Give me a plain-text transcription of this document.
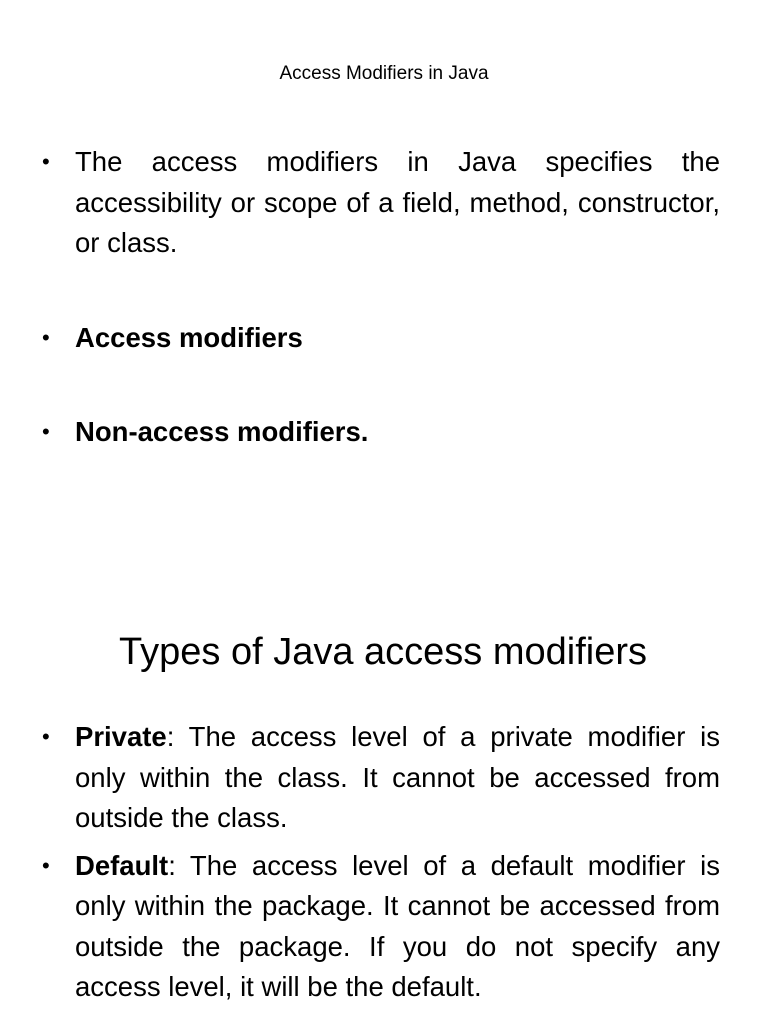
Access Modifiers in Java
• The access modifiers in Java specifies the accessibility or scope of a field, method, constructor, or class.
• Access modifiers
• Non-access modifiers.
Types of Java access modifiers
• Private: The access level of a private modifier is only within the class. It cannot be accessed from outside the class.
• Default: The access level of a default modifier is only within the package. It cannot be accessed from outside the package. If you do not specify any access level, it will be the default.
